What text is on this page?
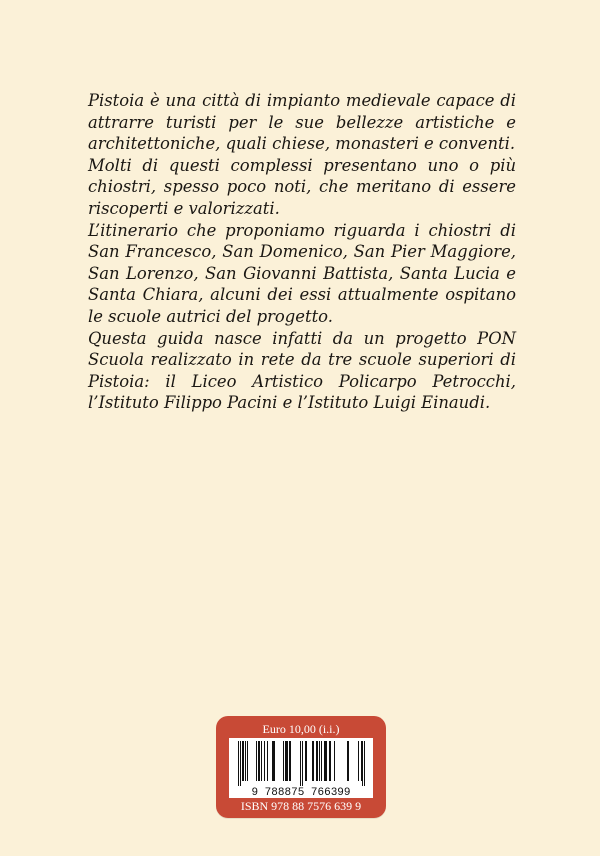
Pistoia è una città di impianto medievale capace di attrarre turisti per le sue bellezze artistiche e architettoniche, quali chiese, monasteri e conventi.

Molti di questi complessi presentano uno o più chiostri, spesso poco noti, che meritano di essere riscoperti e valorizzati.

L’itinerario che proponiamo riguarda i chiostri di San Francesco, San Domenico, San Pier Maggiore, San Lorenzo, San Giovanni Battista, Santa Lucia e Santa Chiara, alcuni dei essi attualmente ospitano le scuole autrici del progetto.

Questa guida nasce infatti da un progetto PON Scuola realizzato in rete da tre scuole superiori di Pistoia: il Liceo Artistico Policarpo Petrocchi, l’Istituto Filippo Pacini e l’Istituto Luigi Einaudi.

Euro 10,00 (i.i.)
9 788875 766399
ISBN 978 88 7576 639 9
